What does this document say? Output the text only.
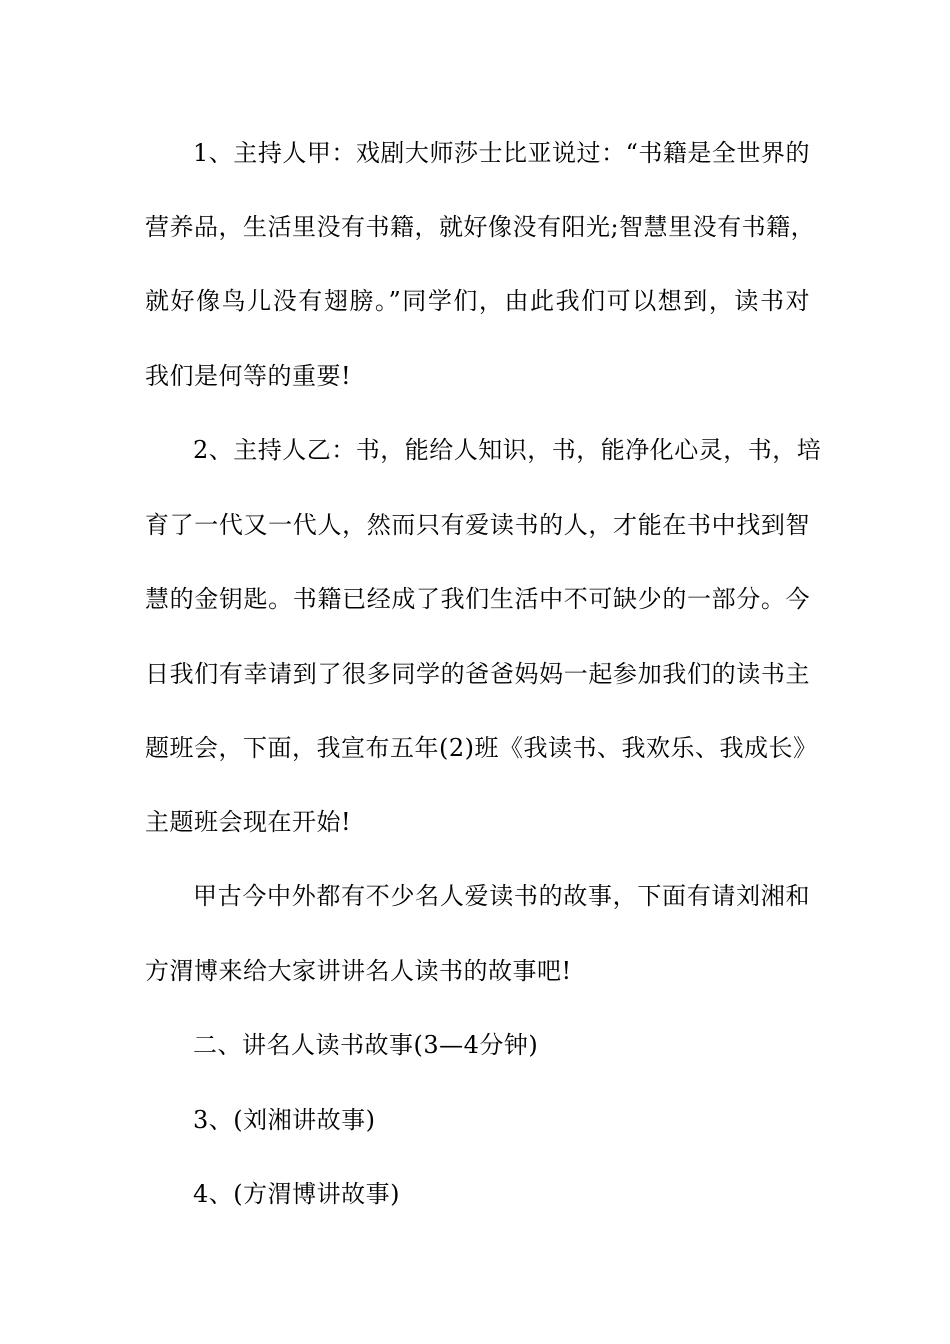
1、主持人甲：戏剧大师莎士比亚说过：“书籍是全世界的
营养品，生活里没有书籍，就好像没有阳光;智慧里没有书籍，
就好像鸟儿没有翅膀。”同学们，由此我们可以想到，读书对
我们是何等的重要!
2、主持人乙：书，能给人知识，书，能净化心灵，书，培
育了一代又一代人，然而只有爱读书的人，才能在书中找到智
慧的金钥匙。书籍已经成了我们生活中不可缺少的一部分。今
日我们有幸请到了很多同学的爸爸妈妈一起参加我们的读书主
题班会，下面，我宣布五年(2)班《我读书、我欢乐、我成长》
主题班会现在开始!
甲古今中外都有不少名人爱读书的故事，下面有请刘湘和
方渭博来给大家讲讲名人读书的故事吧!
二、讲名人读书故事(3—4分钟)
3、(刘湘讲故事)
4、(方渭博讲故事)
